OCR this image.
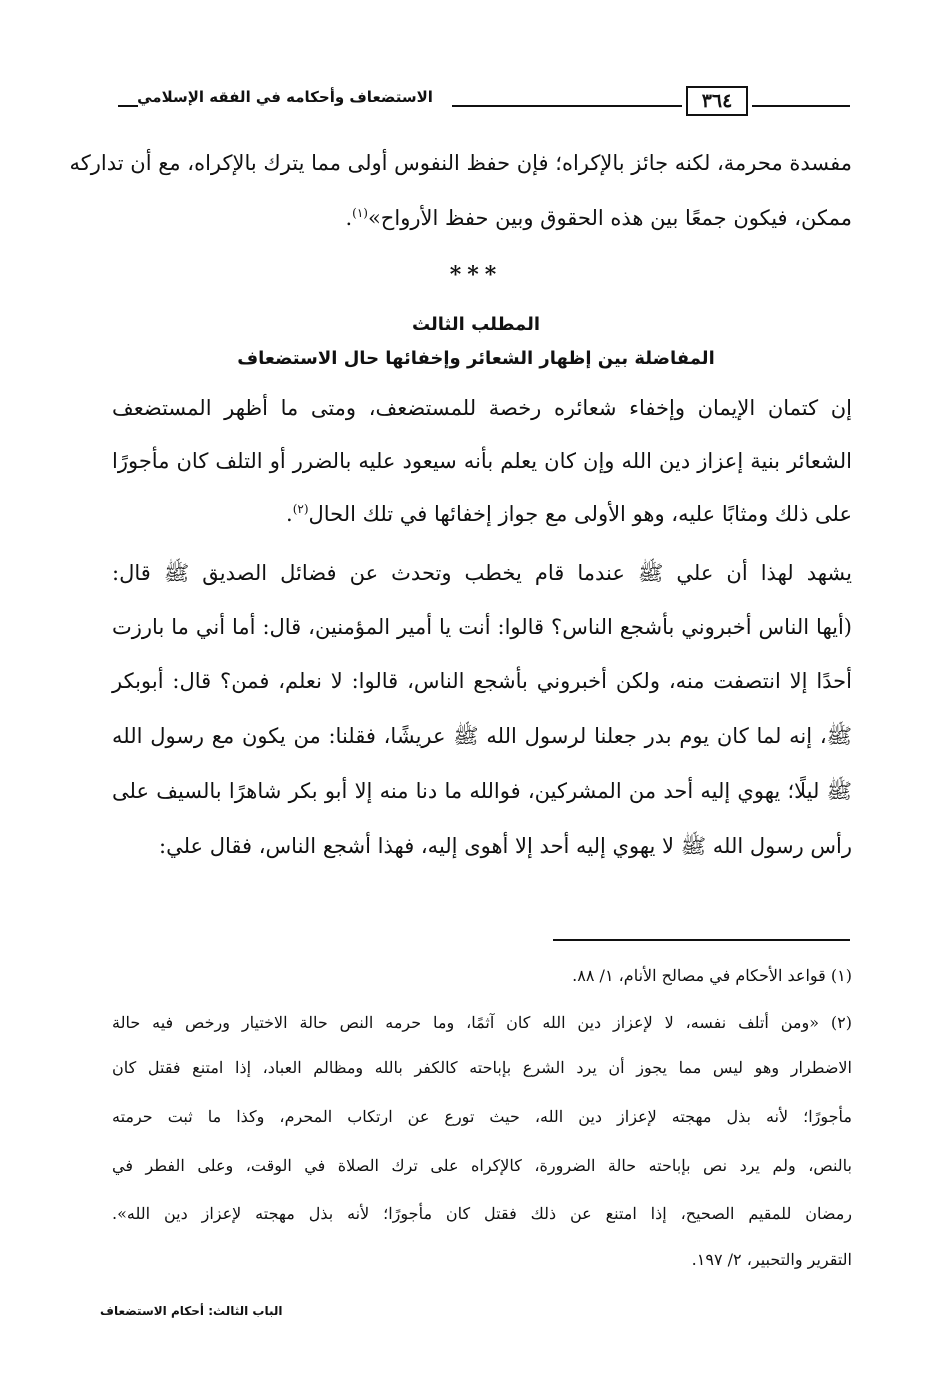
الاستضعاف وأحكامه في الفقه الإسلامي	٣٦٤
مفسدة محرمة، لكنه جائز بالإكراه؛ فإن حفظ النفوس أولى مما يترك بالإكراه، مع أن تداركه
ممكن، فيكون جمعًا بين هذه الحقوق وبين حفظ الأرواح»$^{(١)}$.
***
المطلب الثالث
المفاضلة بين إظهار الشعائر وإخفائها حال الاستضعاف
إن كتمان الإيمان وإخفاء شعائره رخصة للمستضعف، ومتى ما أظهر المستضعف
الشعائر بنية إعزاز دين الله وإن كان يعلم بأنه سيعود عليه بالضرر أو التلف كان مأجورًا
على ذلك ومثابًا عليه، وهو الأولى مع جواز إخفائها في تلك الحال$^{(٢)}$.
يشهد لهذا أن علي ﷺ عندما قام يخطب وتحدث عن فضائل الصديق ﷺ قال:
(أيها الناس أخبروني بأشجع الناس؟ قالوا: أنت يا أمير المؤمنين، قال: أما أني ما بارزت
أحدًا إلا انتصفت منه، ولكن أخبروني بأشجع الناس، قالوا: لا نعلم، فمن؟ قال: أبوبكر
ﷺ، إنه لما كان يوم بدر جعلنا لرسول الله ﷺ عريشًا، فقلنا: من يكون مع رسول الله
ﷺ لیلًا؛ يهوي إليه أحد من المشركين، فوالله ما دنا منه إلا أبو بكر شاهرًا بالسيف على
رأس رسول الله ﷺ لا يهوي إليه أحد إلا أهوى إليه، فهذا أشجع الناس، فقال علي:
(١) قواعد الأحكام في مصالح الأنام، ١/ ٨٨.
(٢) «ومن أتلف نفسه، لا لإعزاز دين الله كان آثمًا، وما حرمه النص حالة الاختيار ورخص فيه حالة
الاضطرار وهو ليس مما يجوز أن يرد الشرع بإباحته كالكفر بالله ومظالم العباد، إذا امتنع فقتل كان
مأجورًا؛ لأنه بذل مهجته لإعزاز دين الله، حيث تورع عن ارتكاب المحرم، وكذا ما ثبت حرمته
بالنص، ولم يرد نص بإباحته حالة الضرورة، كالإكراه على ترك الصلاة في الوقت، وعلى الفطر في
رمضان للمقيم الصحيح، إذا امتنع عن ذلك فقتل كان مأجورًا؛ لأنه بذل مهجته لإعزاز دين الله».
التقرير والتحبير، ٢/ ١٩٧.
الباب الثالث: أحكام الاستضعاف
